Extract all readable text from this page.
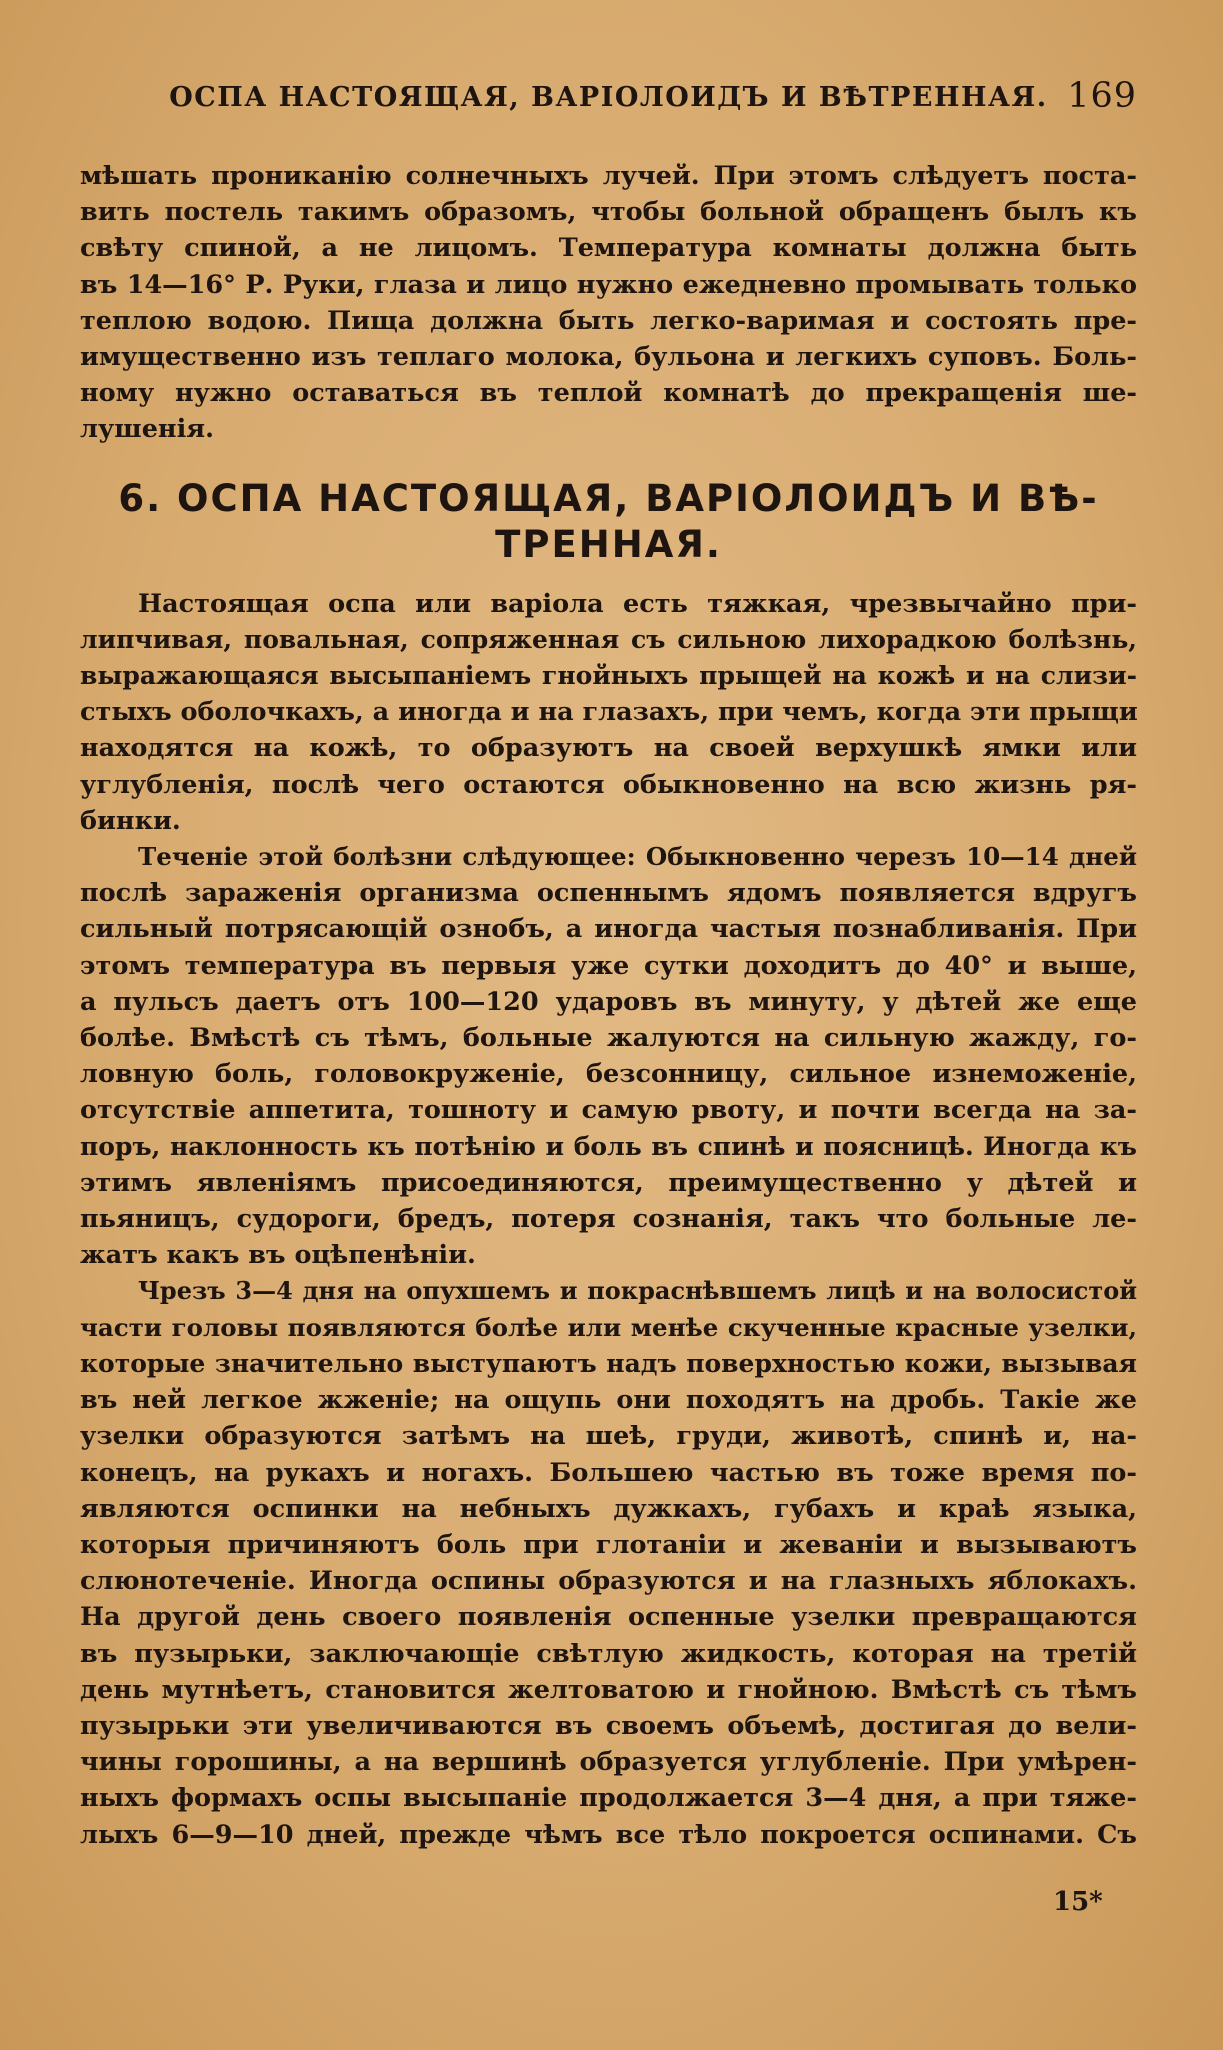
ОСПА НАСТОЯЩАЯ, ВАРІОЛОИДЪ И ВѢТРЕННАЯ. 169
мѣшать прониканію солнечныхъ лучей. При этомъ слѣдуетъ поста-
вить постель такимъ образомъ, чтобы больной обращенъ былъ къ
свѣту спиной, а не лицомъ. Температура комнаты должна быть
въ 14—16° Р. Руки, глаза и лицо нужно ежедневно промывать только
теплою водою. Пища должна быть легко-варимая и состоять пре-
имущественно изъ теплаго молока, бульона и легкихъ суповъ. Боль-
ному нужно оставаться въ теплой комнатѣ до прекращенія ше-
лушенія.
6. ОСПА НАСТОЯЩАЯ, ВАРІОЛОИДЪ И ВѢ-
ТРЕННАЯ.
Настоящая оспа или варіола есть тяжкая, чрезвычайно при-
липчивая, повальная, сопряженная съ сильною лихорадкою болѣзнь,
выражающаяся высыпаніемъ гнойныхъ прыщей на кожѣ и на слизи-
стыхъ оболочкахъ, а иногда и на глазахъ, при чемъ, когда эти прыщи
находятся на кожѣ, то образуютъ на своей верхушкѣ ямки или
углубленія, послѣ чего остаются обыкновенно на всю жизнь ря-
бинки.
Теченіе этой болѣзни слѣдующее: Обыкновенно черезъ 10—14 дней
послѣ зараженія организма оспеннымъ ядомъ появляется вдругъ
сильный потрясающій ознобъ, а иногда частыя познабливанія. При
этомъ температура въ первыя уже сутки доходитъ до 40° и выше,
а пульсъ даетъ отъ 100—120 ударовъ въ минуту, у дѣтей же еще
болѣе. Вмѣстѣ съ тѣмъ, больные жалуются на сильную жажду, го-
ловную боль, головокруженіе, безсонницу, сильное изнеможеніе,
отсутствіе аппетита, тошноту и самую рвоту, и почти всегда на за-
поръ, наклонность къ потѣнію и боль въ спинѣ и поясницѣ. Иногда къ
этимъ явленіямъ присоединяются, преимущественно у дѣтей и
пьяницъ, судороги, бредъ, потеря сознанія, такъ что больные ле-
жатъ какъ въ оцѣпенѣніи.
Чрезъ 3—4 дня на опухшемъ и покраснѣвшемъ лицѣ и на волосистой
части головы появляются болѣе или менѣе скученные красные узелки,
которые значительно выступаютъ надъ поверхностью кожи, вызывая
въ ней легкое жженіе; на ощупь они походятъ на дробь. Такіе же
узелки образуются затѣмъ на шеѣ, груди, животѣ, спинѣ и, на-
конецъ, на рукахъ и ногахъ. Большею частью въ тоже время по-
являются оспинки на небныхъ дужкахъ, губахъ и краѣ языка,
которыя причиняютъ боль при глотаніи и жеваніи и вызываютъ
слюнотеченіе. Иногда оспины образуются и на глазныхъ яблокахъ.
На другой день своего появленія оспенные узелки превращаются
въ пузырьки, заключающіе свѣтлую жидкость, которая на третій
день мутнѣетъ, становится желтоватою и гнойною. Вмѣстѣ съ тѣмъ
пузырьки эти увеличиваются въ своемъ объемѣ, достигая до вели-
чины горошины, а на вершинѣ образуется углубленіе. При умѣрен-
ныхъ формахъ оспы высыпаніе продолжается 3—4 дня, а при тяже-
лыхъ 6—9—10 дней, прежде чѣмъ все тѣло покроется оспинами. Съ
15*
